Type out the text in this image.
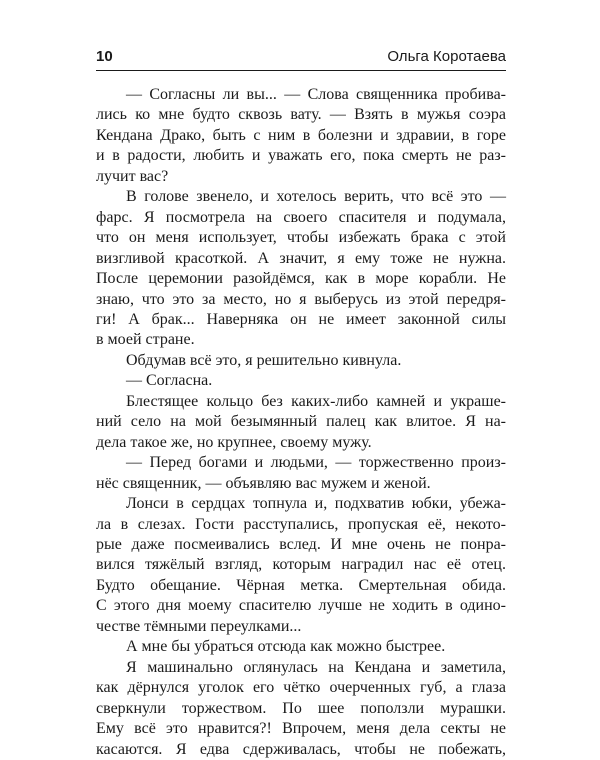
10	Ольга Коротаева

— Согласны ли вы... — Слова священника пробива-

лись ко мне будто сквозь вату. — Взять в мужья соэра

Кендана Драко, быть с ним в болезни и здравии, в горе

и в радости, любить и уважать его, пока смерть не раз-

лучит вас?

В голове звенело, и хотелось верить, что всё это —

фарс. Я посмотрела на своего спасителя и подумала,

что он меня использует, чтобы избежать брака с этой

визгливой красоткой. А значит, я ему тоже не нужна.

После церемонии разойдёмся, как в море корабли. Не

знаю, что это за место, но я выберусь из этой передря-

ги! А брак... Наверняка он не имеет законной силы

в моей стране.

Обдумав всё это, я решительно кивнула.

— Согласна.

Блестящее кольцо без каких-либо камней и украше-

ний село на мой безымянный палец как влитое. Я на-

дела такое же, но крупнее, своему мужу.

— Перед богами и людьми, — торжественно произ-

нёс священник, — объявляю вас мужем и женой.

Лонси в сердцах топнула и, подхватив юбки, убежа-

ла в слезах. Гости расступались, пропуская её, некото-

рые даже посмеивались вслед. И мне очень не понра-

вился тяжёлый взгляд, которым наградил нас её отец.

Будто обещание. Чёрная метка. Смертельная обида.

С этого дня моему спасителю лучше не ходить в одино-

честве тёмными переулками...

А мне бы убраться отсюда как можно быстрее.

Я машинально оглянулась на Кендана и заметила,

как дёрнулся уголок его чётко очерченных губ, а глаза

сверкнули торжеством. По шее поползли мурашки.

Ему всё это нравится?! Впрочем, меня дела секты не

касаются. Я едва сдерживалась, чтобы не побежать,
